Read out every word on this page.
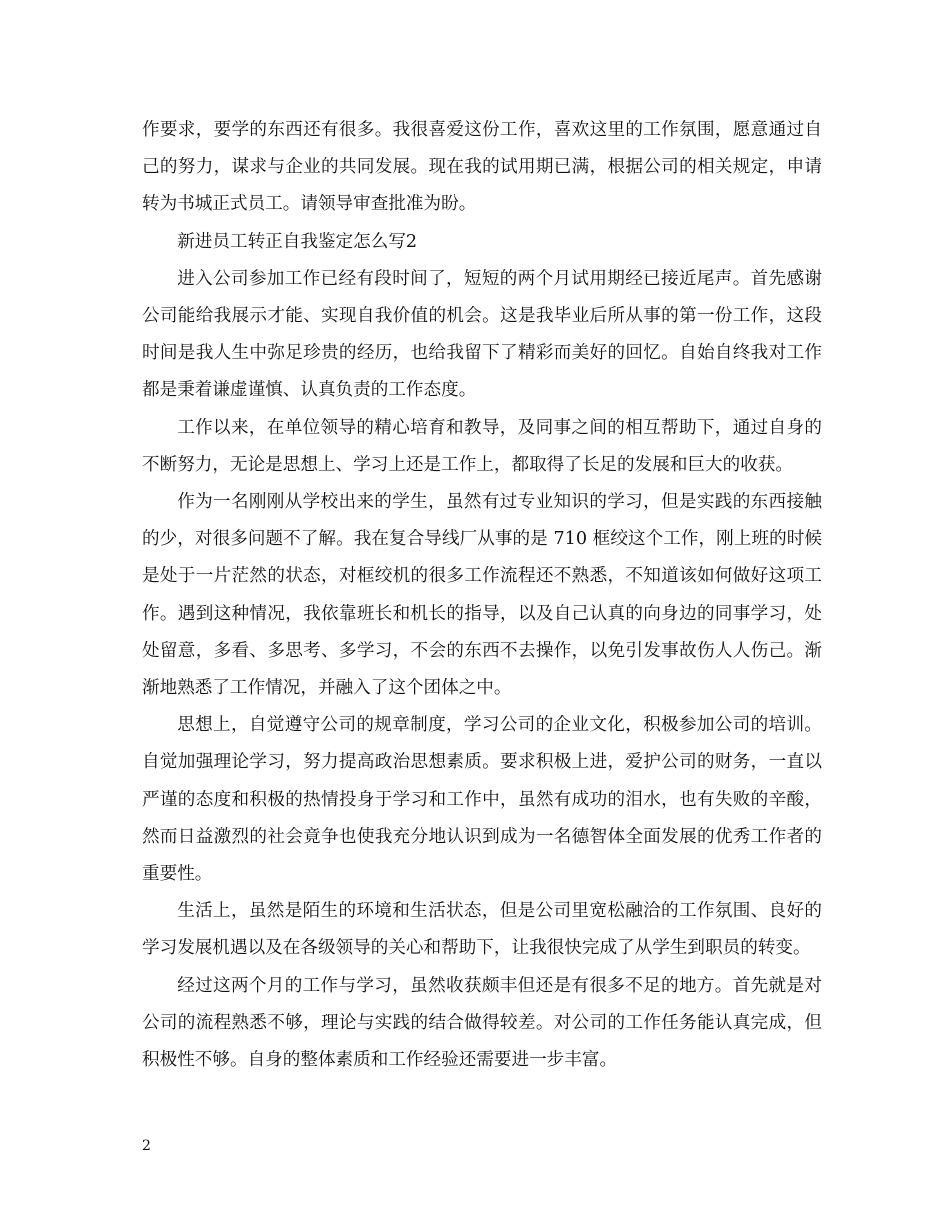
作要求，要学的东西还有很多。我很喜爱这份工作，喜欢这里的工作氛围，愿意通过自己的努力，谋求与企业的共同发展。现在我的试用期已满，根据公司的相关规定，申请转为书城正式员工。请领导审查批准为盼。

新进员工转正自我鉴定怎么写2

进入公司参加工作已经有段时间了，短短的两个月试用期经已接近尾声。首先感谢公司能给我展示才能、实现自我价值的机会。这是我毕业后所从事的第一份工作，这段时间是我人生中弥足珍贵的经历，也给我留下了精彩而美好的回忆。自始自终我对工作都是秉着谦虚谨慎、认真负责的工作态度。

工作以来，在单位领导的精心培育和教导，及同事之间的相互帮助下，通过自身的不断努力，无论是思想上、学习上还是工作上，都取得了长足的发展和巨大的收获。

作为一名刚刚从学校出来的学生，虽然有过专业知识的学习，但是实践的东西接触的少，对很多问题不了解。我在复合导线厂从事的是 710 框绞这个工作，刚上班的时候是处于一片茫然的状态，对框绞机的很多工作流程还不熟悉，不知道该如何做好这项工作。遇到这种情况，我依靠班长和机长的指导，以及自己认真的向身边的同事学习，处处留意，多看、多思考、多学习，不会的东西不去操作，以免引发事故伤人人伤己。渐渐地熟悉了工作情况，并融入了这个团体之中。

思想上，自觉遵守公司的规章制度，学习公司的企业文化，积极参加公司的培训。自觉加强理论学习，努力提高政治思想素质。要求积极上进，爱护公司的财务，一直以严谨的态度和积极的热情投身于学习和工作中，虽然有成功的泪水，也有失败的辛酸，然而日益激烈的社会竟争也使我充分地认识到成为一名德智体全面发展的优秀工作者的重要性。

生活上，虽然是陌生的环境和生活状态，但是公司里宽松融洽的工作氛围、良好的学习发展机遇以及在各级领导的关心和帮助下，让我很快完成了从学生到职员的转变。

经过这两个月的工作与学习，虽然收获颇丰但还是有很多不足的地方。首先就是对公司的流程熟悉不够，理论与实践的结合做得较差。对公司的工作任务能认真完成，但积极性不够。自身的整体素质和工作经验还需要进一步丰富。

2
